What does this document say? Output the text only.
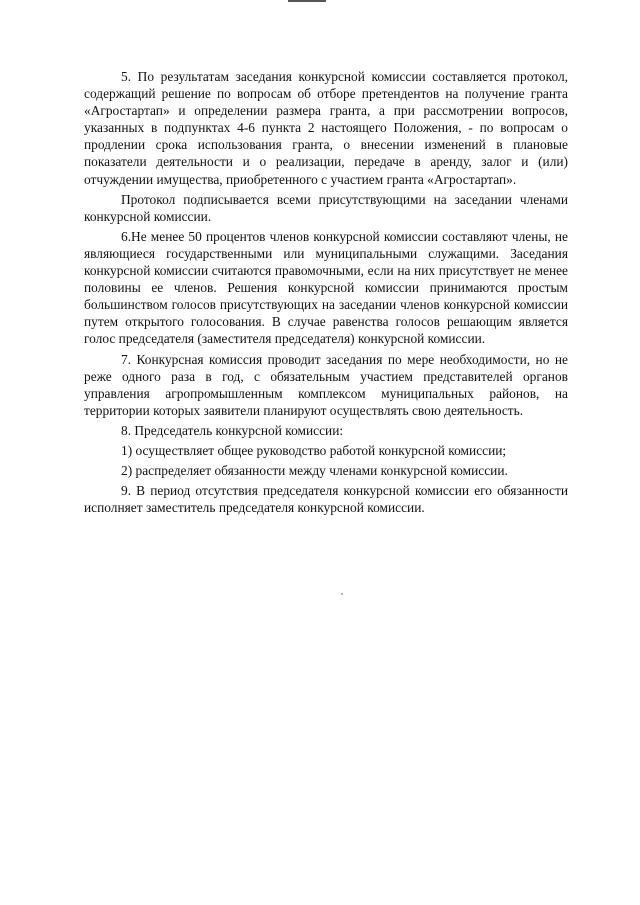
5. По результатам заседания конкурсной комиссии составляется протокол, содержащий решение по вопросам об отборе претендентов на получение гранта «Агростартап» и определении размера гранта, а при рассмотрении вопросов, указанных в подпунктах 4-6 пункта 2 настоящего Положения, - по вопросам о продлении срока использования гранта, о внесении изменений в плановые показатели деятельности и о реализации, передаче в аренду, залог и (или) отчуждении имущества, приобретенного с участием гранта «Агростартап».

Протокол подписывается всеми присутствующими на заседании членами конкурсной комиссии.

6.Не менее 50 процентов членов конкурсной комиссии составляют члены, не являющиеся государственными или муниципальными служащими. Заседания конкурсной комиссии считаются правомочными, если на них присутствует не менее половины ее членов. Решения конкурсной комиссии принимаются простым большинством голосов присутствующих на заседании членов конкурсной комиссии путем открытого голосования. В случае равенства голосов решающим является голос председателя (заместителя председателя) конкурсной комиссии.

7. Конкурсная комиссия проводит заседания по мере необходимости, но не реже одного раза в год, с обязательным участием представителей органов управления агропромышленным комплексом муниципальных районов, на территории которых заявители планируют осуществлять свою деятельность.

8. Председатель конкурсной комиссии:

1) осуществляет общее руководство работой конкурсной комиссии;

2) распределяет обязанности между членами конкурсной комиссии.

9. В период отсутствия председателя конкурсной комиссии его обязанности исполняет заместитель председателя конкурсной комиссии.
